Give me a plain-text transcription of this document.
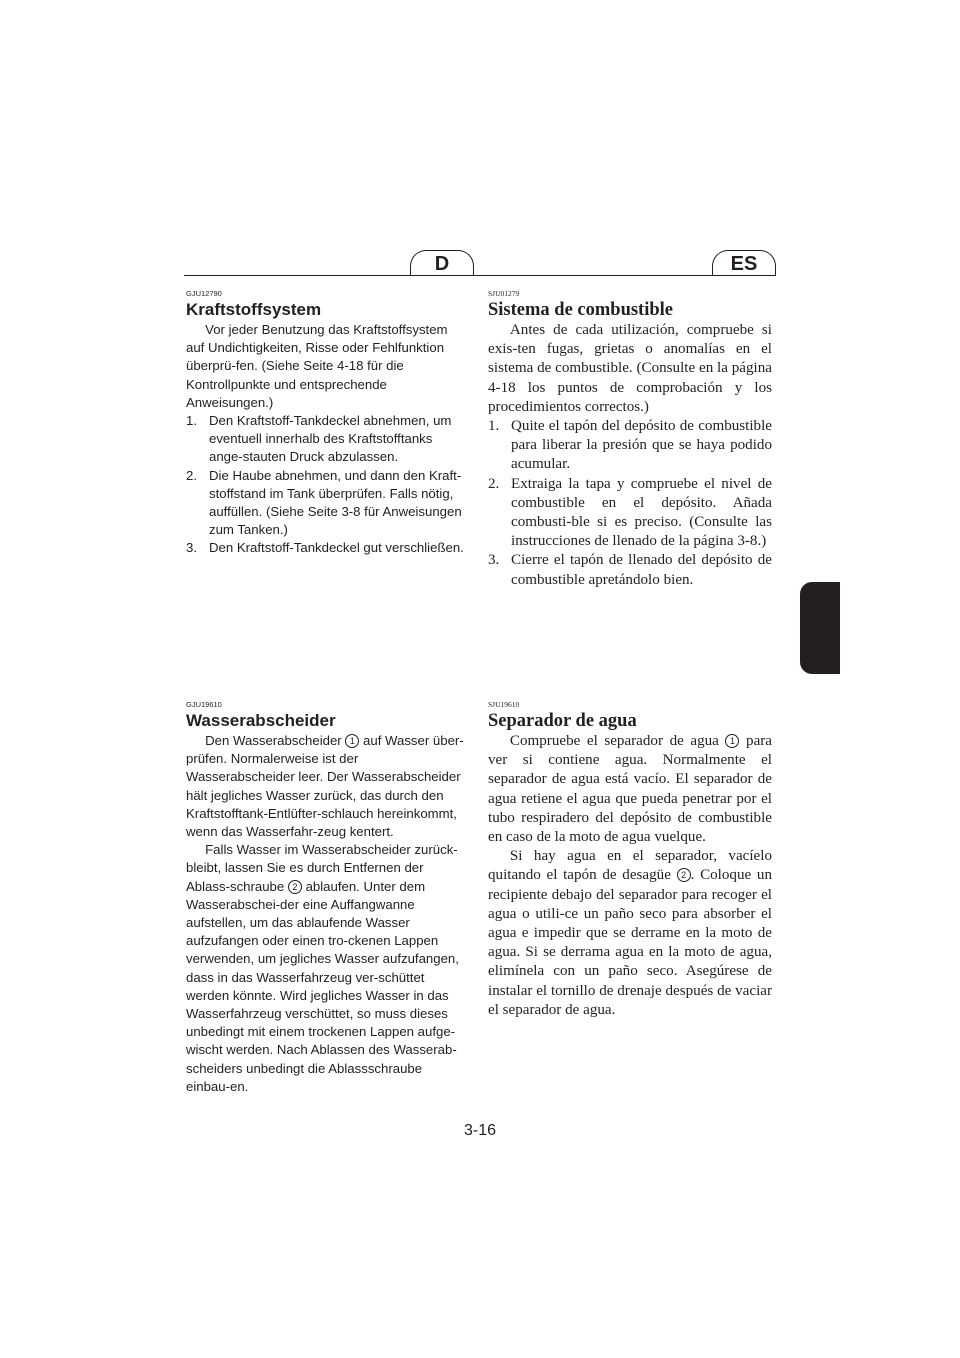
D	ES
GJU12790
Kraftstoffsystem

Vor jeder Benutzung das Kraftstoffsystem auf Undichtigkeiten, Risse oder Fehlfunktion überprü-fen. (Siehe Seite 4-18 für die Kontrollpunkte und entsprechende Anweisungen.)

1. Den Kraftstoff-Tankdeckel abnehmen, um eventuell innerhalb des Kraftstofftanks ange-stauten Druck abzulassen.
2. Die Haube abnehmen, und dann den Kraft-stoffstand im Tank überprüfen. Falls nötig, auffüllen. (Siehe Seite 3-8 für Anweisungen zum Tanken.)
3. Den Kraftstoff-Tankdeckel gut verschließen.
SJU01279
Sistema de combustible

Antes de cada utilización, compruebe si exis-ten fugas, grietas o anomalías en el sistema de combustible. (Consulte en la página 4-18 los puntos de comprobación y los procedimientos correctos.)

1. Quite el tapón del depósito de combustible para liberar la presión que se haya podido acumular.
2. Extraiga la tapa y compruebe el nivel de combustible en el depósito. Añada combusti-ble si es preciso. (Consulte las instrucciones de llenado de la página 3-8.)
3. Cierre el tapón de llenado del depósito de combustible apretándolo bien.
GJU19610
Wasserabscheider

Den Wasserabscheider 1 auf Wasser über-prüfen. Normalerweise ist der Wasserabscheider leer. Der Wasserabscheider hält jegliches Wasser zurück, das durch den Kraftstofftank-Entlüfter-schlauch hereinkommt, wenn das Wasserfahr-zeug kentert.

Falls Wasser im Wasserabscheider zurück-bleibt, lassen Sie es durch Entfernen der Ablass-schraube 2 ablaufen. Unter dem Wasserabschei-der eine Auffangwanne aufstellen, um das ablaufende Wasser aufzufangen oder einen tro-ckenen Lappen verwenden, um jegliches Wasser aufzufangen, dass in das Wasserfahrzeug ver-schüttet werden könnte. Wird jegliches Wasser in das Wasserfahrzeug verschüttet, so muss dieses unbedingt mit einem trockenen Lappen aufge-wischt werden. Nach Ablassen des Wasserab-scheiders unbedingt die Ablassschraube einbau-en.

SJU19610
Separador de agua

Compruebe el separador de agua 1 para ver si contiene agua. Normalmente el separador de agua está vacío. El separador de agua retiene el agua que pueda penetrar por el tubo respiradero del depósito de combustible en caso de la moto de agua vuelque.

Si hay agua en el separador, vacíelo quitando el tapón de desagüe 2 . Coloque un recipiente debajo del separador para recoger el agua o utili-ce un paño seco para absorber el agua e impedir que se derrame en la moto de agua. Si se derrama agua en la moto de agua, elimínela con un paño seco. Asegúrese de instalar el tornillo de drenaje después de vaciar el separador de agua.

3-16
